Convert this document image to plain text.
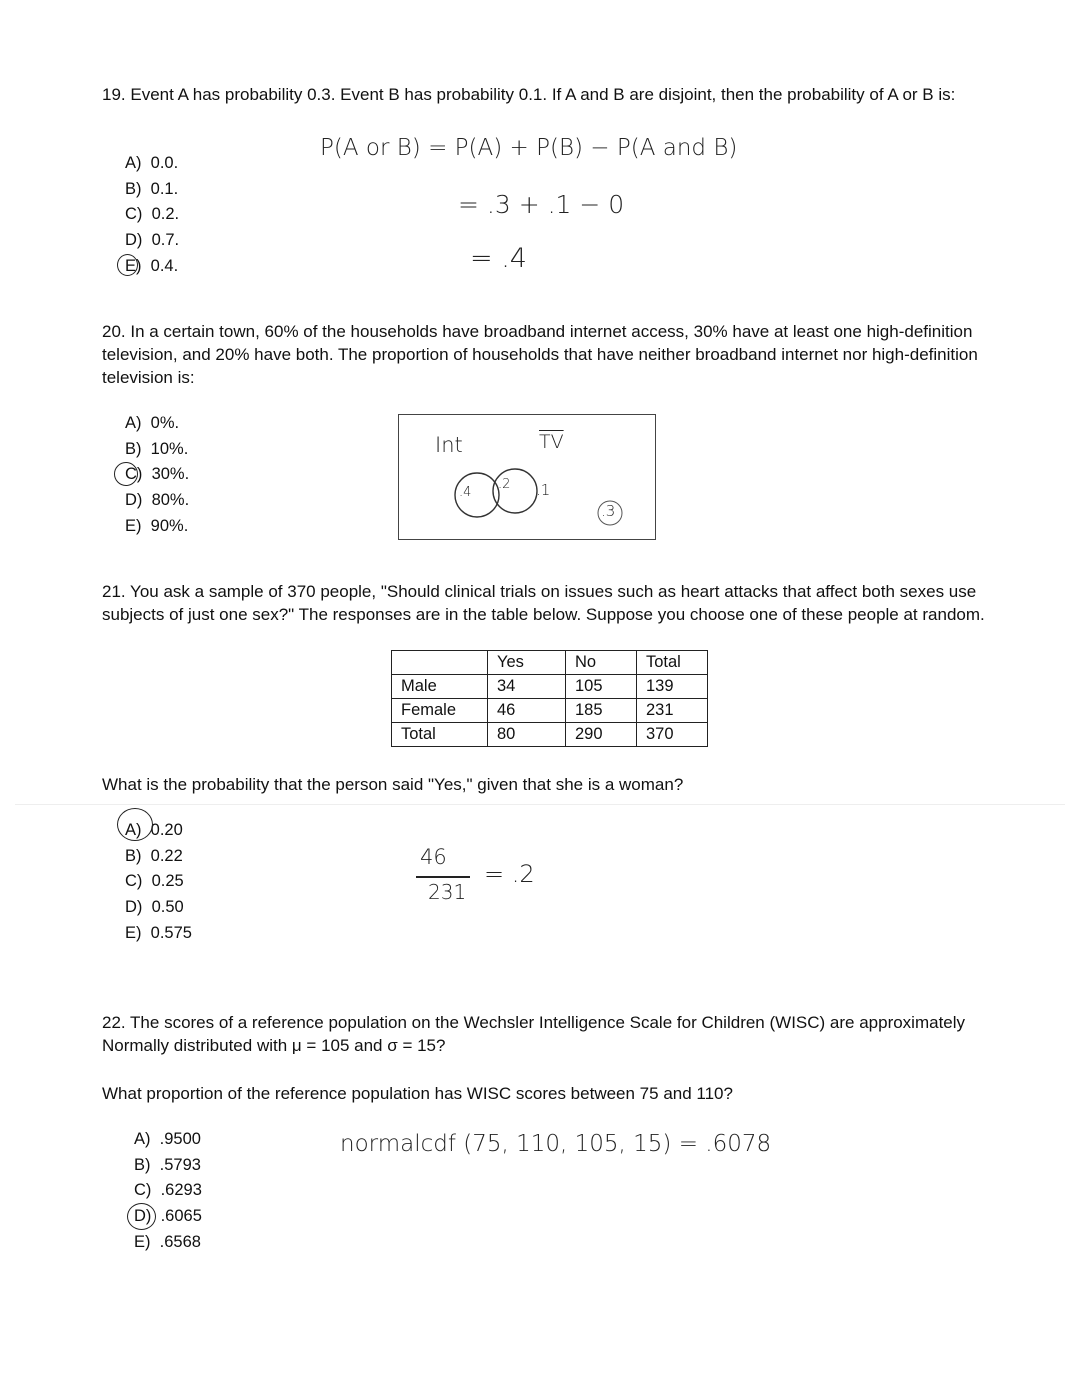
19. Event A has probability 0.3. Event B has probability 0.1. If A and B are disjoint, then the probability of A or B is:
A)  0.0.
B)  0.1.
C)  0.2.
D)  0.7.
E)  0.4.
P(A or B) = P(A) + P(B) − P(A and B)
= .3 + .1 − 0
= .4
20. In a certain town, 60% of the households have broadband internet access, 30% have at least one high-definition television, and 20% have both. The proportion of households that have neither broadband internet nor high-definition television is:
A)  0%.
B)  10%.
C)  30%.
D)  80%.
E)  90%.
Int	$\overline{TV}$
.4
.2 .1
.3
21. You ask a sample of 370 people, "Should clinical trials on issues such as heart attacks that affect both sexes use subjects of just one sex?" The responses are in the table below. Suppose you choose one of these people at random.
	Yes	No	Total
Male	34	105	139
Female	46	185	231
Total	80	290	370
What is the probability that the person said "Yes," given that she is a woman?
A)  0.20
B)  0.22
C)  0.25
D)  0.50
E)  0.575
46
231
= .2
22. The scores of a reference population on the Wechsler Intelligence Scale for Children (WISC) are approximately Normally distributed with μ = 105 and σ = 15?
What proportion of the reference population has WISC scores between 75 and 110?
A)  .9500
B)  .5793
C)  .6293
D)  .6065
E)  .6568
normalcdf (75, 110, 105, 15) = .6078
